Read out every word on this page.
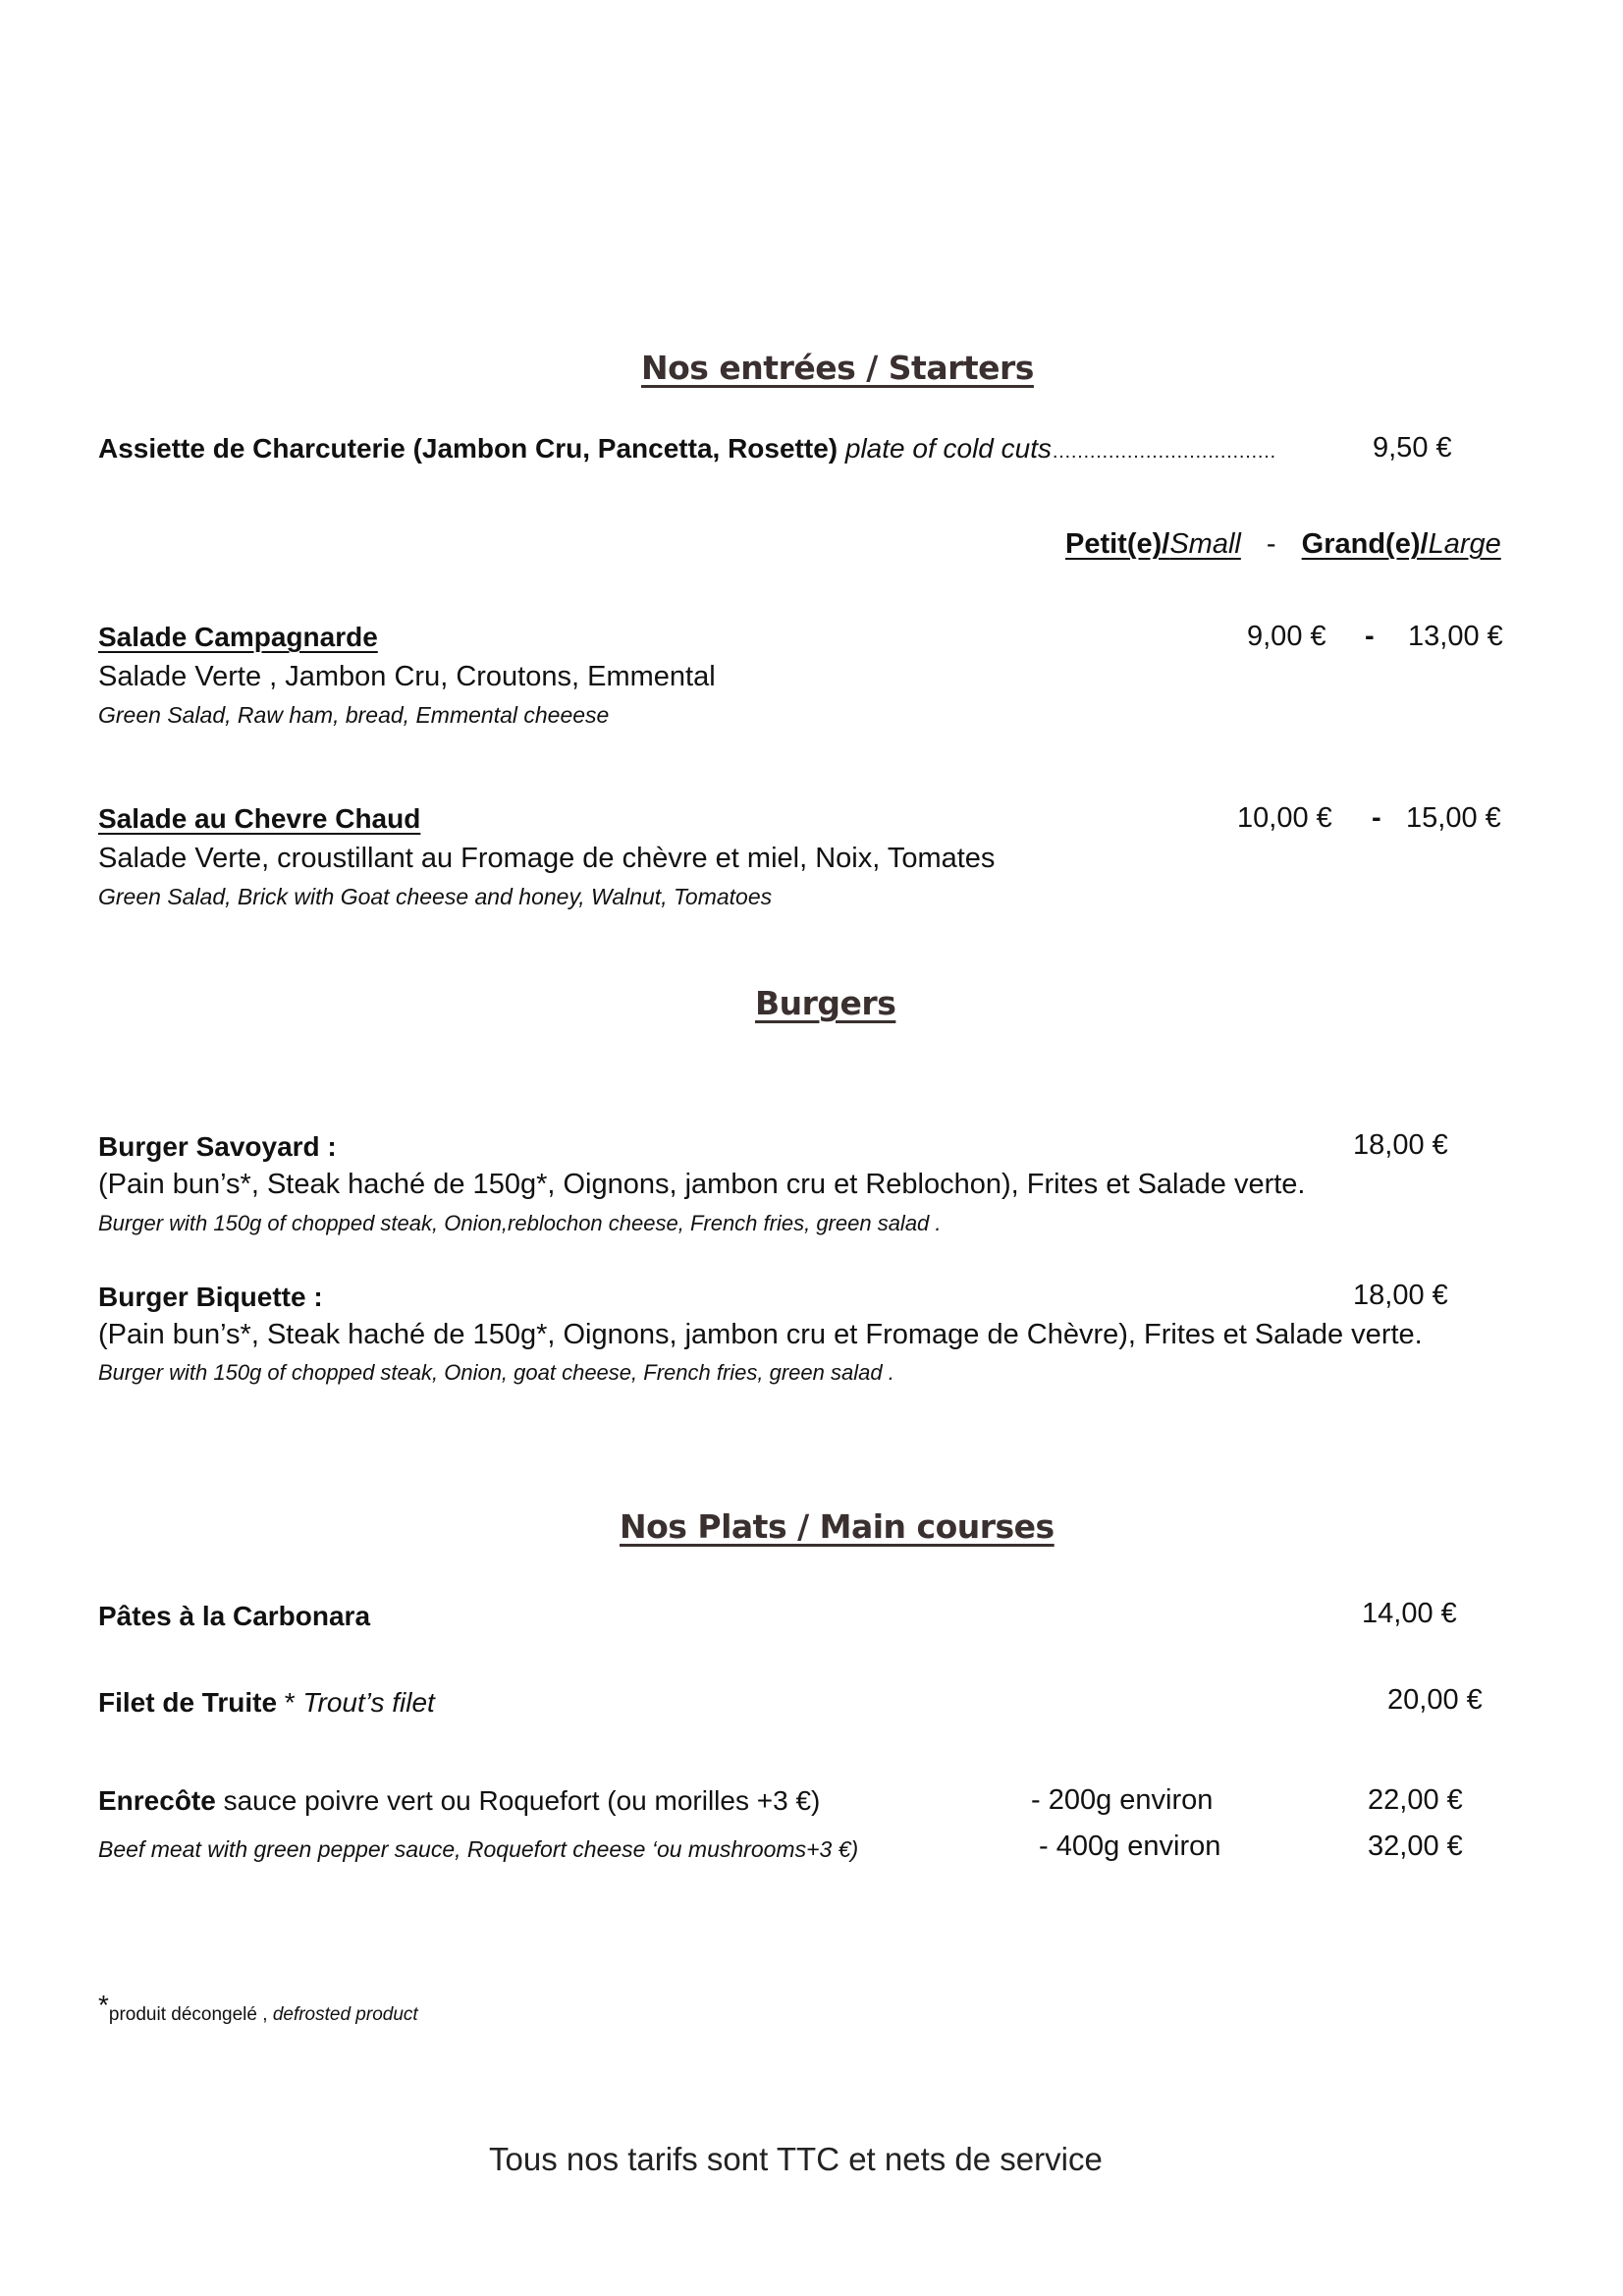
Nos entrées / Starters
Assiette de Charcuterie (Jambon Cru, Pancetta, Rosette) plate of cold cuts………………………………	9,50 €
Petit(e)/Small - Grand(e)/Large
Salade Campagnarde
Salade Verte , Jambon Cru, Croutons, Emmental
Green Salad, Raw ham, bread, Emmental cheeese
9,00 € - 13,00 €
Salade au Chevre Chaud
Salade Verte, croustillant au Fromage de chèvre et miel, Noix, Tomates
Green Salad, Brick with Goat cheese and honey, Walnut, Tomatoes
10,00 € - 15,00 €
Burgers
Burger Savoyard :	18,00 €
(Pain bun’s*, Steak haché de 150g*, Oignons, jambon cru et Reblochon), Frites et Salade verte.
Burger with 150g of chopped steak, Onion,reblochon cheese, French fries, green salad .
Burger Biquette :	18,00 €
(Pain bun’s*, Steak haché de 150g*, Oignons, jambon cru et Fromage de Chèvre), Frites et Salade verte.
Burger with 150g of chopped steak, Onion, goat cheese, French fries, green salad .
Nos Plats / Main courses
Pâtes à la Carbonara	14,00 €
Filet de Truite * Trout’s filet	20,00 €
Enrecôte sauce poivre vert ou Roquefort (ou morilles +3 €)
Beef meat with green pepper sauce, Roquefort cheese ‘ou mushrooms+3 €)
- 200g environ	22,00 €
- 400g environ	32,00 €
*produit décongelé , defrosted product
Tous nos tarifs sont TTC et nets de service
